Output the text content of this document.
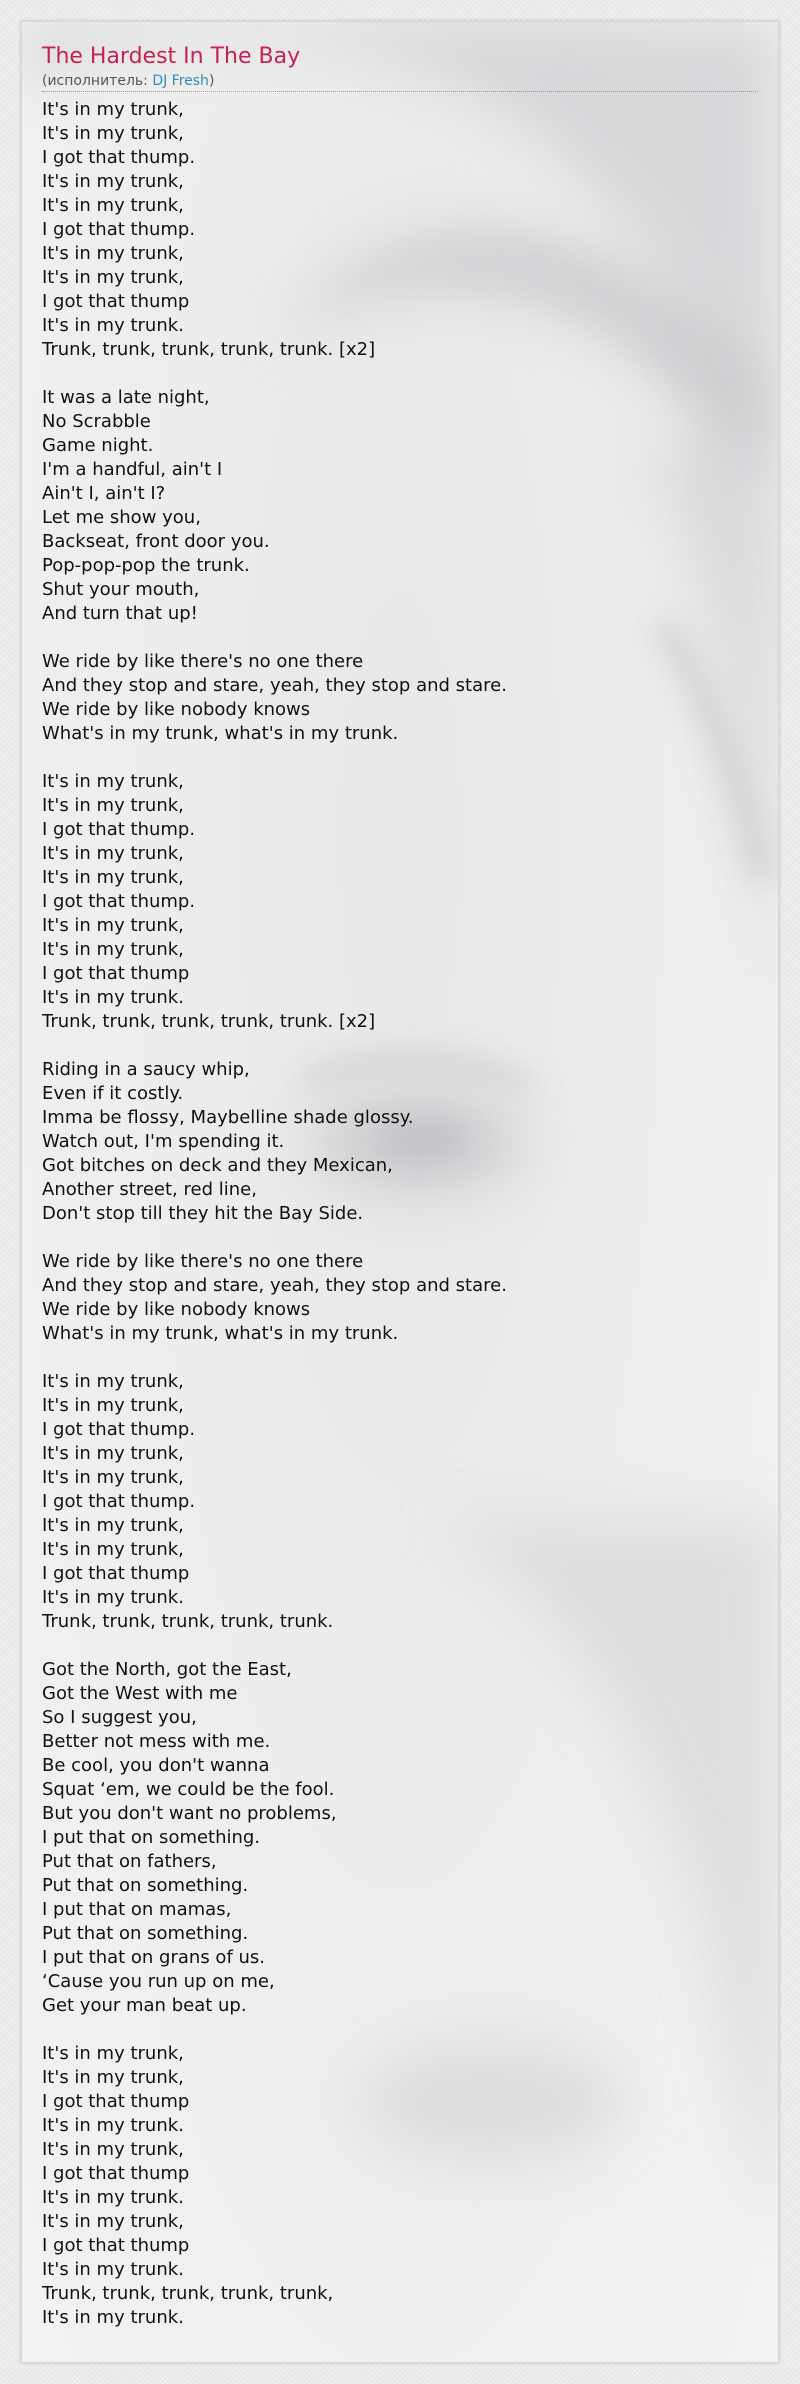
The Hardest In The Bay
(исполнитель: DJ Fresh)
It's in my trunk,
It's in my trunk,
I got that thump.
It's in my trunk,
It's in my trunk,
I got that thump.
It's in my trunk,
It's in my trunk,
I got that thump
It's in my trunk.
Trunk, trunk, trunk, trunk, trunk. [x2]
It was a late night,
No Scrabble
Game night.
I'm a handful, ain't I
Ain't I, ain't I?
Let me show you,
Backseat, front door you.
Pop-pop-pop the trunk.
Shut your mouth,
And turn that up!
We ride by like there's no one there
And they stop and stare, yeah, they stop and stare.
We ride by like nobody knows
What's in my trunk, what's in my trunk.
It's in my trunk,
It's in my trunk,
I got that thump.
It's in my trunk,
It's in my trunk,
I got that thump.
It's in my trunk,
It's in my trunk,
I got that thump
It's in my trunk.
Trunk, trunk, trunk, trunk, trunk. [x2]
Riding in a saucy whip,
Even if it costly.
Imma be flossy, Maybelline shade glossy.
Watch out, I'm spending it.
Got bitches on deck and they Mexican,
Another street, red line,
Don't stop till they hit the Bay Side.
We ride by like there's no one there
And they stop and stare, yeah, they stop and stare.
We ride by like nobody knows
What's in my trunk, what's in my trunk.
It's in my trunk,
It's in my trunk,
I got that thump.
It's in my trunk,
It's in my trunk,
I got that thump.
It's in my trunk,
It's in my trunk,
I got that thump
It's in my trunk.
Trunk, trunk, trunk, trunk, trunk.
Got the North, got the East,
Got the West with me
So I suggest you,
Better not mess with me.
Be cool, you don't wanna
Squat ‘em, we could be the fool.
But you don't want no problems,
I put that on something.
Put that on fathers,
Put that on something.
I put that on mamas,
Put that on something.
I put that on grans of us.
‘Cause you run up on me,
Get your man beat up.
It's in my trunk,
It's in my trunk,
I got that thump
It's in my trunk.
It's in my trunk,
I got that thump
It's in my trunk.
It's in my trunk,
I got that thump
It's in my trunk.
Trunk, trunk, trunk, trunk, trunk,
It's in my trunk.
